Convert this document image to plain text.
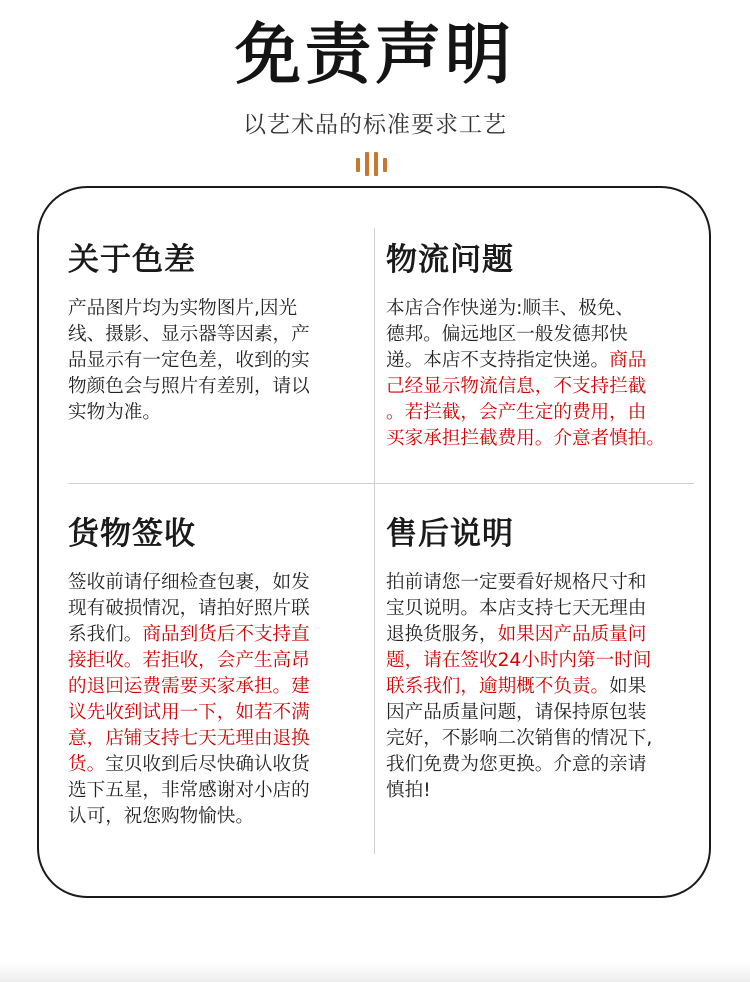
免责声明
以艺术品的标准要求工艺
关于色差
产品图片均为实物图片,因光
线、摄影、显示器等因素，产
品显示有一定色差，收到的实
物颜色会与照片有差别，请以
实物为准。
物流问题
本店合作快递为:顺丰、极免、
德邦。偏远地区一般发德邦快
递。本店不支持指定快递。商品
己经显示物流信息，不支持拦截
。若拦截，会产生定的费用，由
买家承担拦截费用。介意者慎拍。
货物签收
签收前请仔细检查包裹，如发
现有破损情况，请拍好照片联
系我们。商品到货后不支持直
接拒收。若拒收，会产生高昂
的退回运费需要买家承担。建
议先收到试用一下，如若不满
意，店铺支持七天无理由退换
货。宝贝收到后尽快确认收货
选下五星，非常感谢对小店的
认可，祝您购物愉快。
售后说明
拍前请您一定要看好规格尺寸和
宝贝说明。本店支持七天无理由
退换货服务，如果因产品质量问
题，请在签收24小时内第一时间
联系我们，逾期概不负责。如果
因产品质量问题，请保持原包装
完好，不影响二次销售的情况下,
我们免费为您更换。介意的亲请
慎拍!
